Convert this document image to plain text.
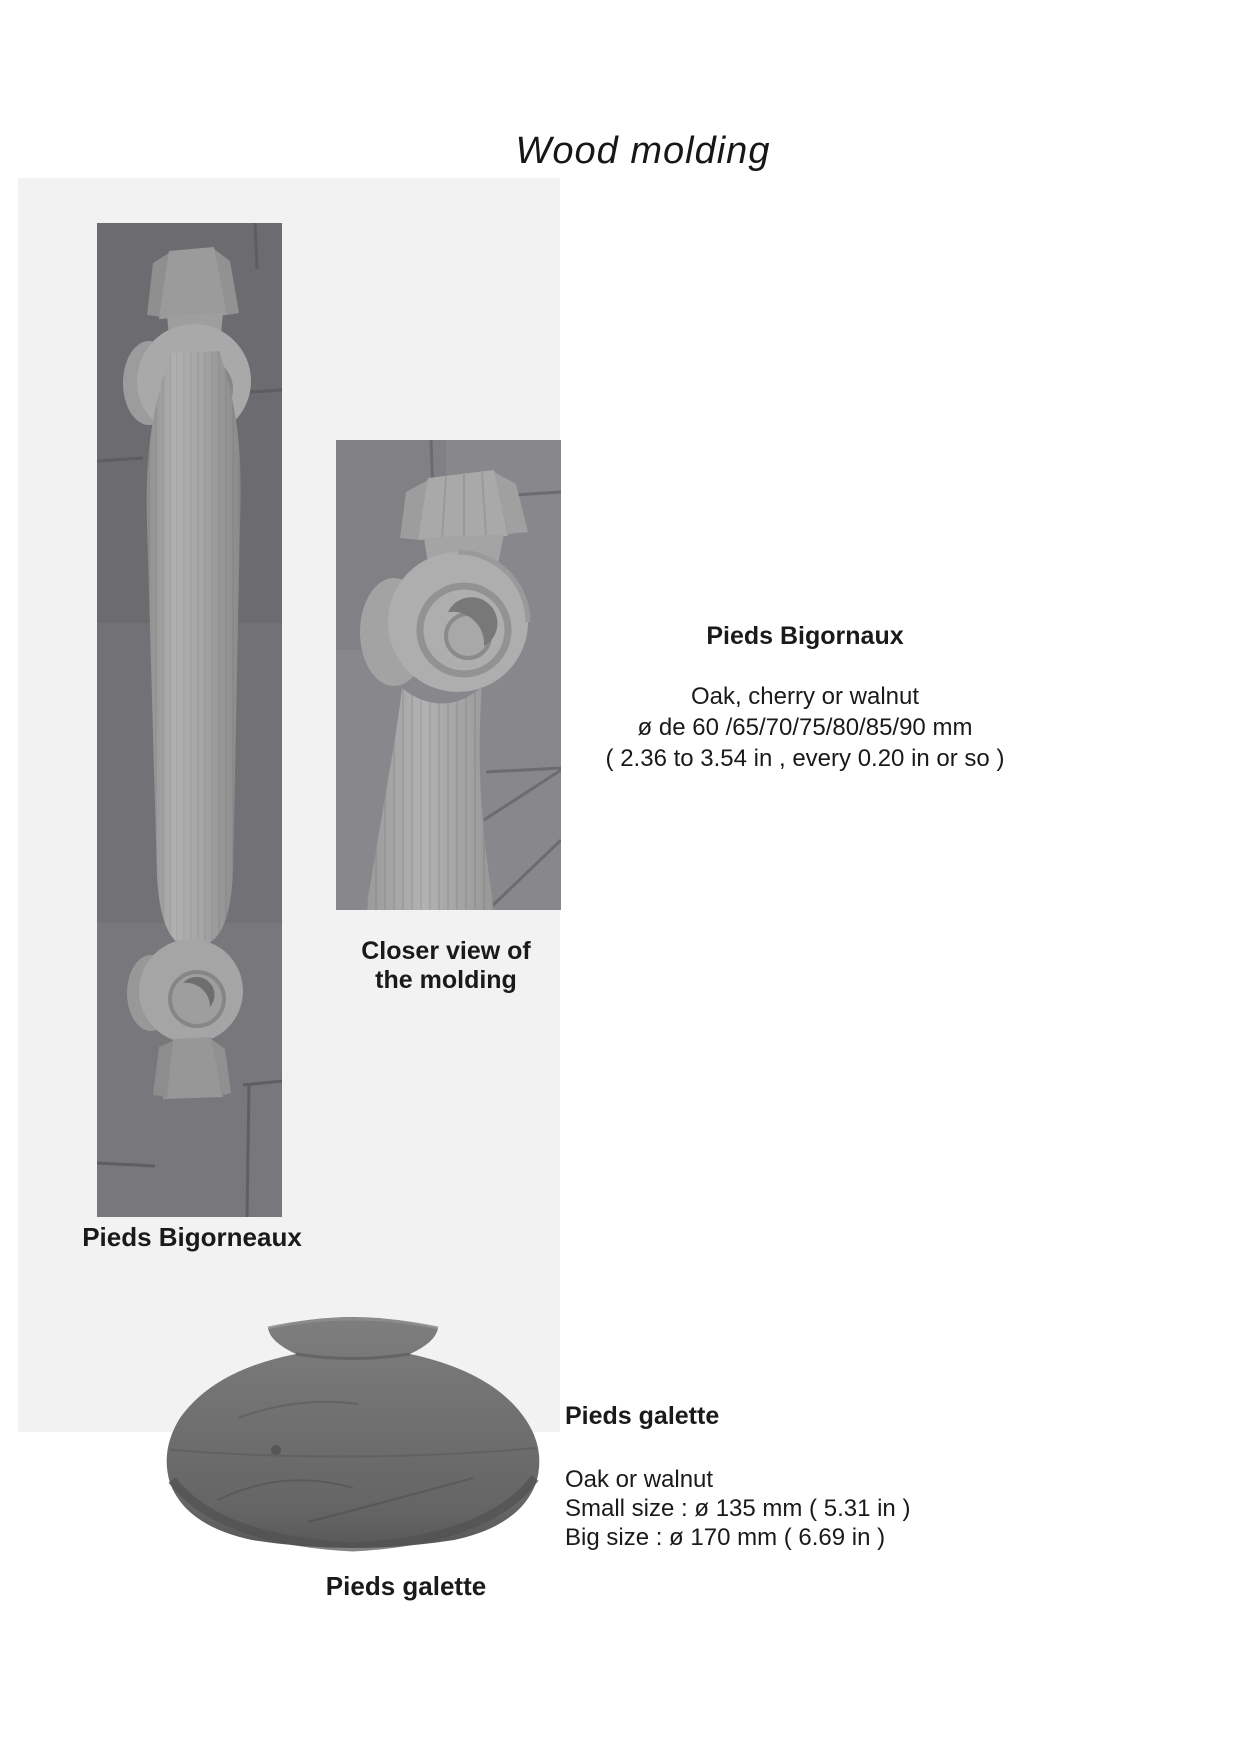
Wood molding
Closer view of
the molding
Pieds Bigorneaux
Pieds galette
Pieds Bigornaux
Oak, cherry or walnut
ø de 60 /65/70/75/80/85/90 mm
( 2.36 to 3.54 in , every 0.20 in or so )
Pieds galette
Oak or walnut
Small size : ø 135 mm ( 5.31 in )
Big size : ø 170 mm ( 6.69 in )
